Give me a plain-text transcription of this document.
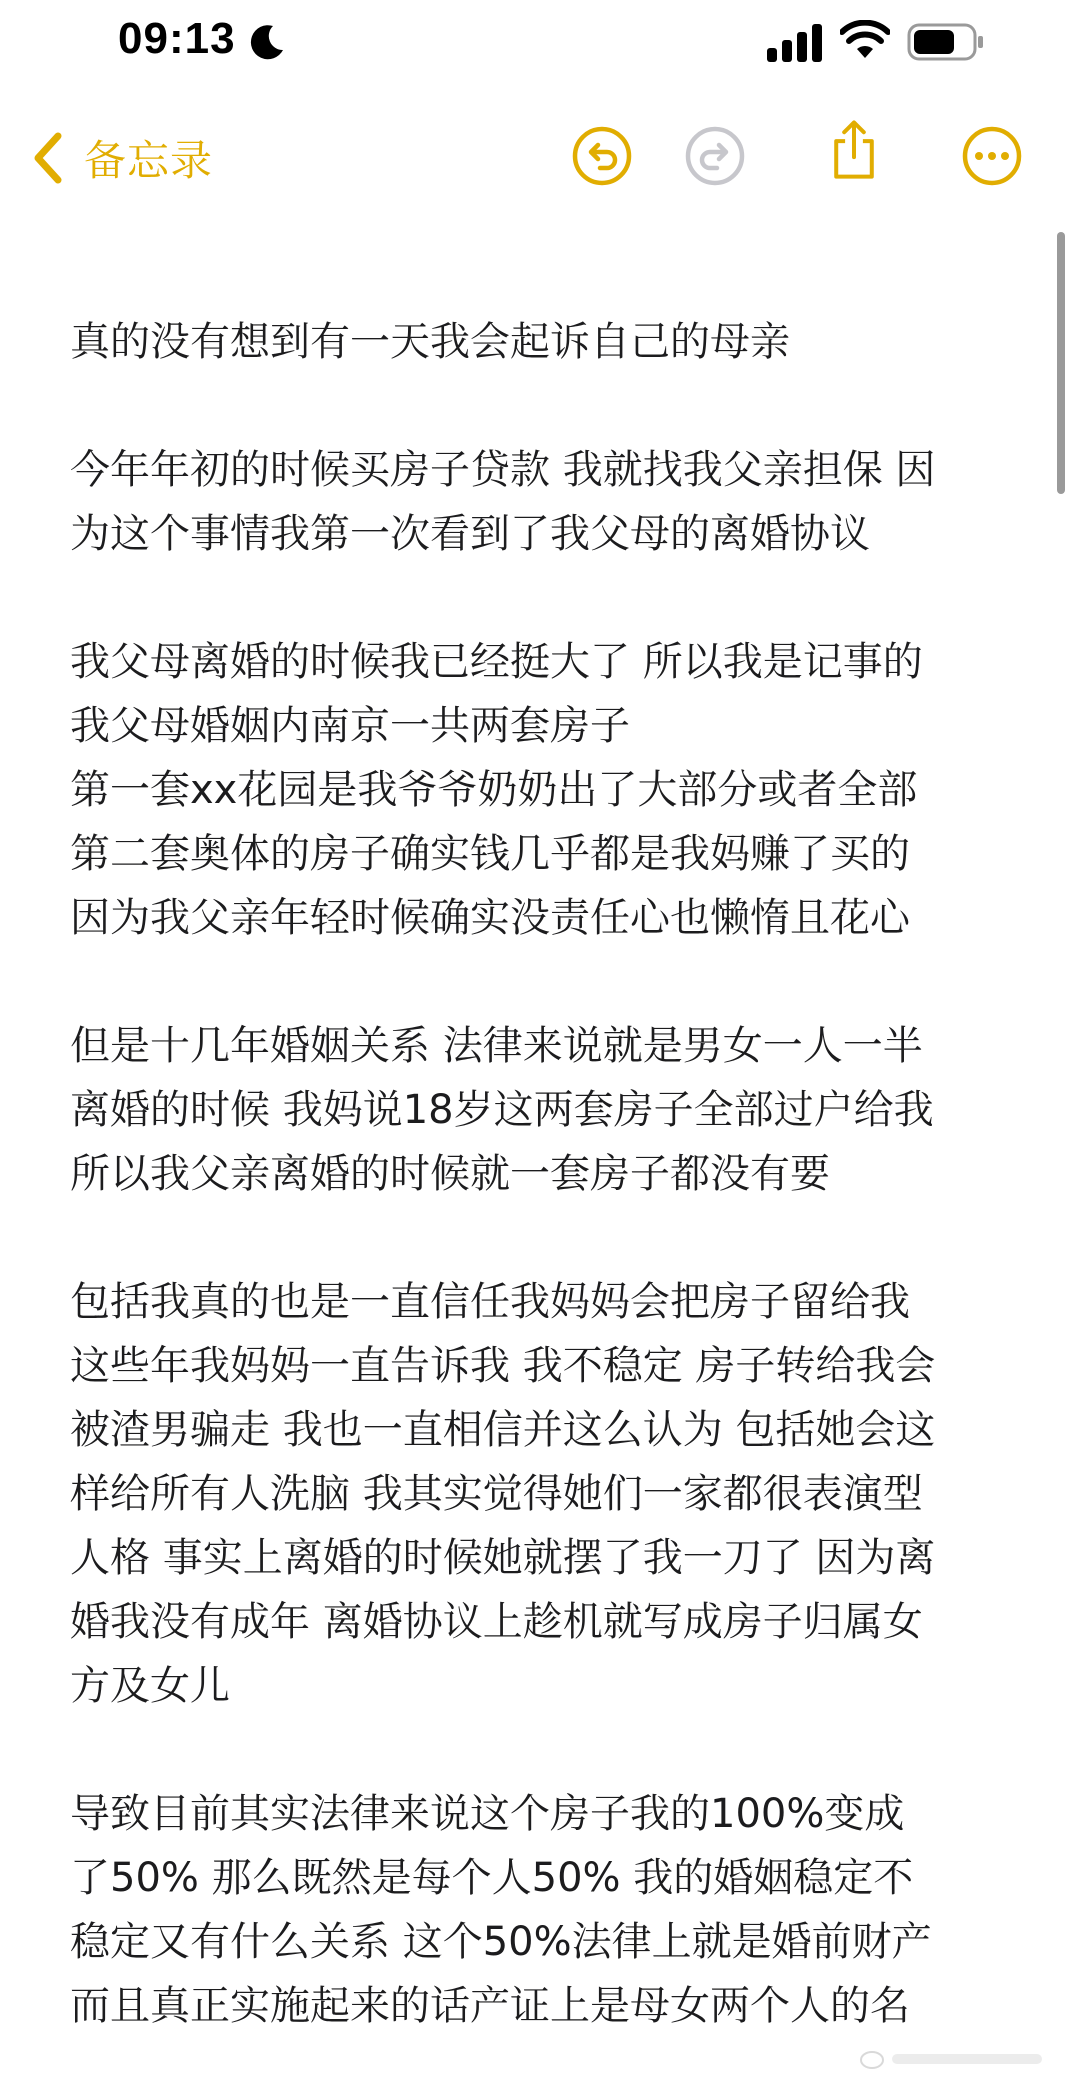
09:13
备忘录
真的没有想到有一天我会起诉自己的母亲
今年年初的时候买房子贷款 我就找我父亲担保 因
为这个事情我第一次看到了我父母的离婚协议
我父母离婚的时候我已经挺大了 所以我是记事的
我父母婚姻内南京一共两套房子
第一套xx花园是我爷爷奶奶出了大部分或者全部
第二套奥体的房子确实钱几乎都是我妈赚了买的
因为我父亲年轻时候确实没责任心也懒惰且花心
但是十几年婚姻关系 法律来说就是男女一人一半
离婚的时候 我妈说18岁这两套房子全部过户给我
所以我父亲离婚的时候就一套房子都没有要
包括我真的也是一直信任我妈妈会把房子留给我
这些年我妈妈一直告诉我 我不稳定 房子转给我会
被渣男骗走 我也一直相信并这么认为 包括她会这
样给所有人洗脑 我其实觉得她们一家都很表演型
人格 事实上离婚的时候她就摆了我一刀了 因为离
婚我没有成年 离婚协议上趁机就写成房子归属女
方及女儿
导致目前其实法律来说这个房子我的100%变成
了50% 那么既然是每个人50% 我的婚姻稳定不
稳定又有什么关系 这个50%法律上就是婚前财产
而且真正实施起来的话产证上是母女两个人的名
